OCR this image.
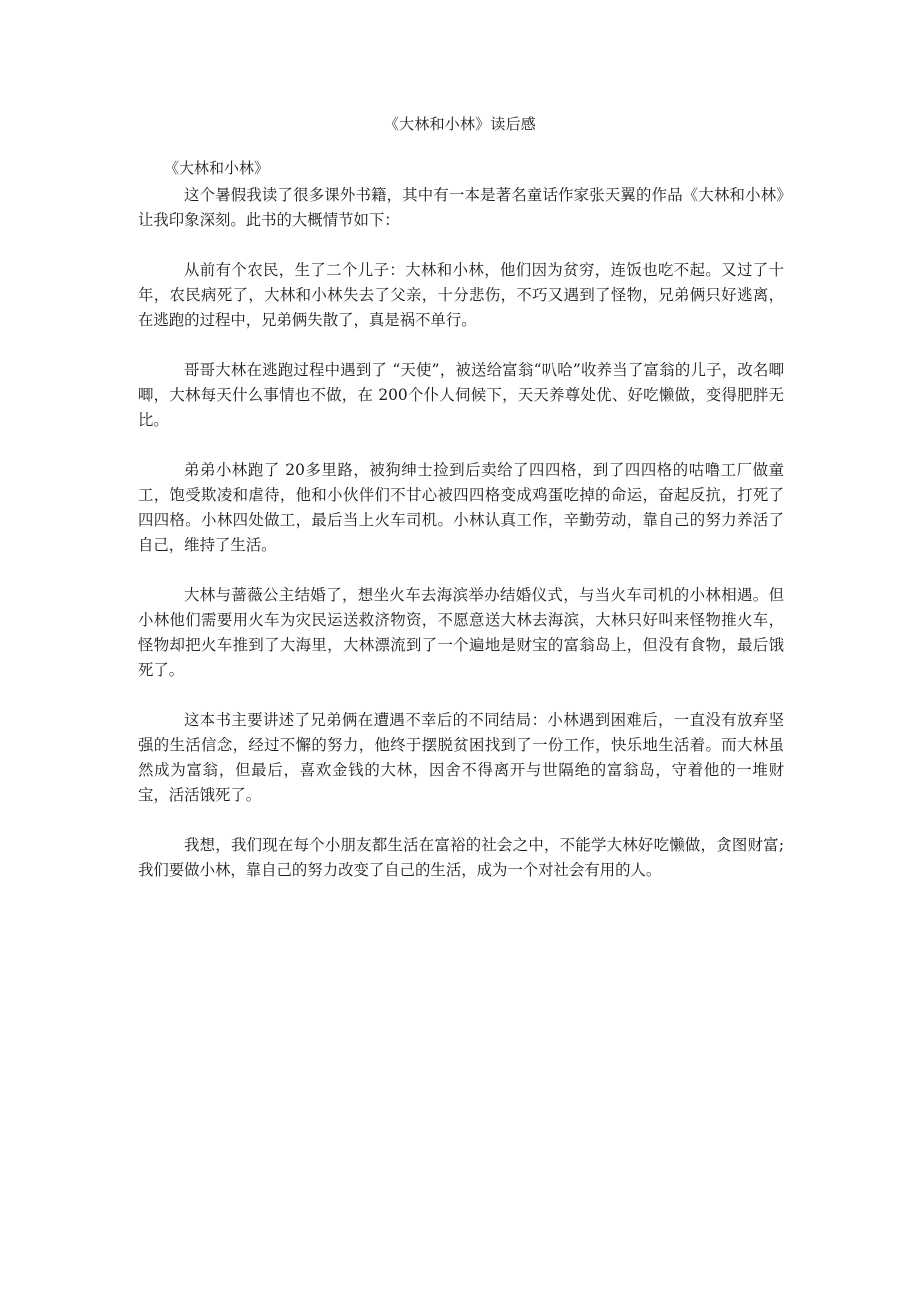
《大林和小林》读后感
《大林和小林》

这个暑假我读了很多课外书籍，其中有一本是著名童话作家张天翼的作品《大林和小林》让我印象深刻。此书的大概情节如下：

从前有个农民，生了二个儿子：大林和小林，他们因为贫穷，连饭也吃不起。又过了十年，农民病死了，大林和小林失去了父亲，十分悲伤，不巧又遇到了怪物，兄弟俩只好逃离，在逃跑的过程中，兄弟俩失散了，真是祸不单行。

哥哥大林在逃跑过程中遇到了 “天使”，被送给富翁“叭哈”收养当了富翁的儿子，改名唧唧，大林每天什么事情也不做，在 200个仆人伺候下，天天养尊处优、好吃懒做，变得肥胖无比。

弟弟小林跑了 20多里路，被狗绅士捡到后卖给了四四格，到了四四格的咕噜工厂做童工，饱受欺凌和虐待，他和小伙伴们不甘心被四四格变成鸡蛋吃掉的命运，奋起反抗，打死了四四格。小林四处做工，最后当上火车司机。小林认真工作，辛勤劳动，靠自己的努力养活了自己，维持了生活。

大林与蔷薇公主结婚了，想坐火车去海滨举办结婚仪式，与当火车司机的小林相遇。但小林他们需要用火车为灾民运送救济物资，不愿意送大林去海滨，大林只好叫来怪物推火车，怪物却把火车推到了大海里，大林漂流到了一个遍地是财宝的富翁岛上，但没有食物，最后饿死了。

这本书主要讲述了兄弟俩在遭遇不幸后的不同结局：小林遇到困难后，一直没有放弃坚强的生活信念，经过不懈的努力，他终于摆脱贫困找到了一份工作，快乐地生活着。而大林虽然成为富翁，但最后，喜欢金钱的大林，因舍不得离开与世隔绝的富翁岛，守着他的一堆财宝，活活饿死了。

我想，我们现在每个小朋友都生活在富裕的社会之中，不能学大林好吃懒做，贪图财富;我们要做小林，靠自己的努力改变了自己的生活，成为一个对社会有用的人。
